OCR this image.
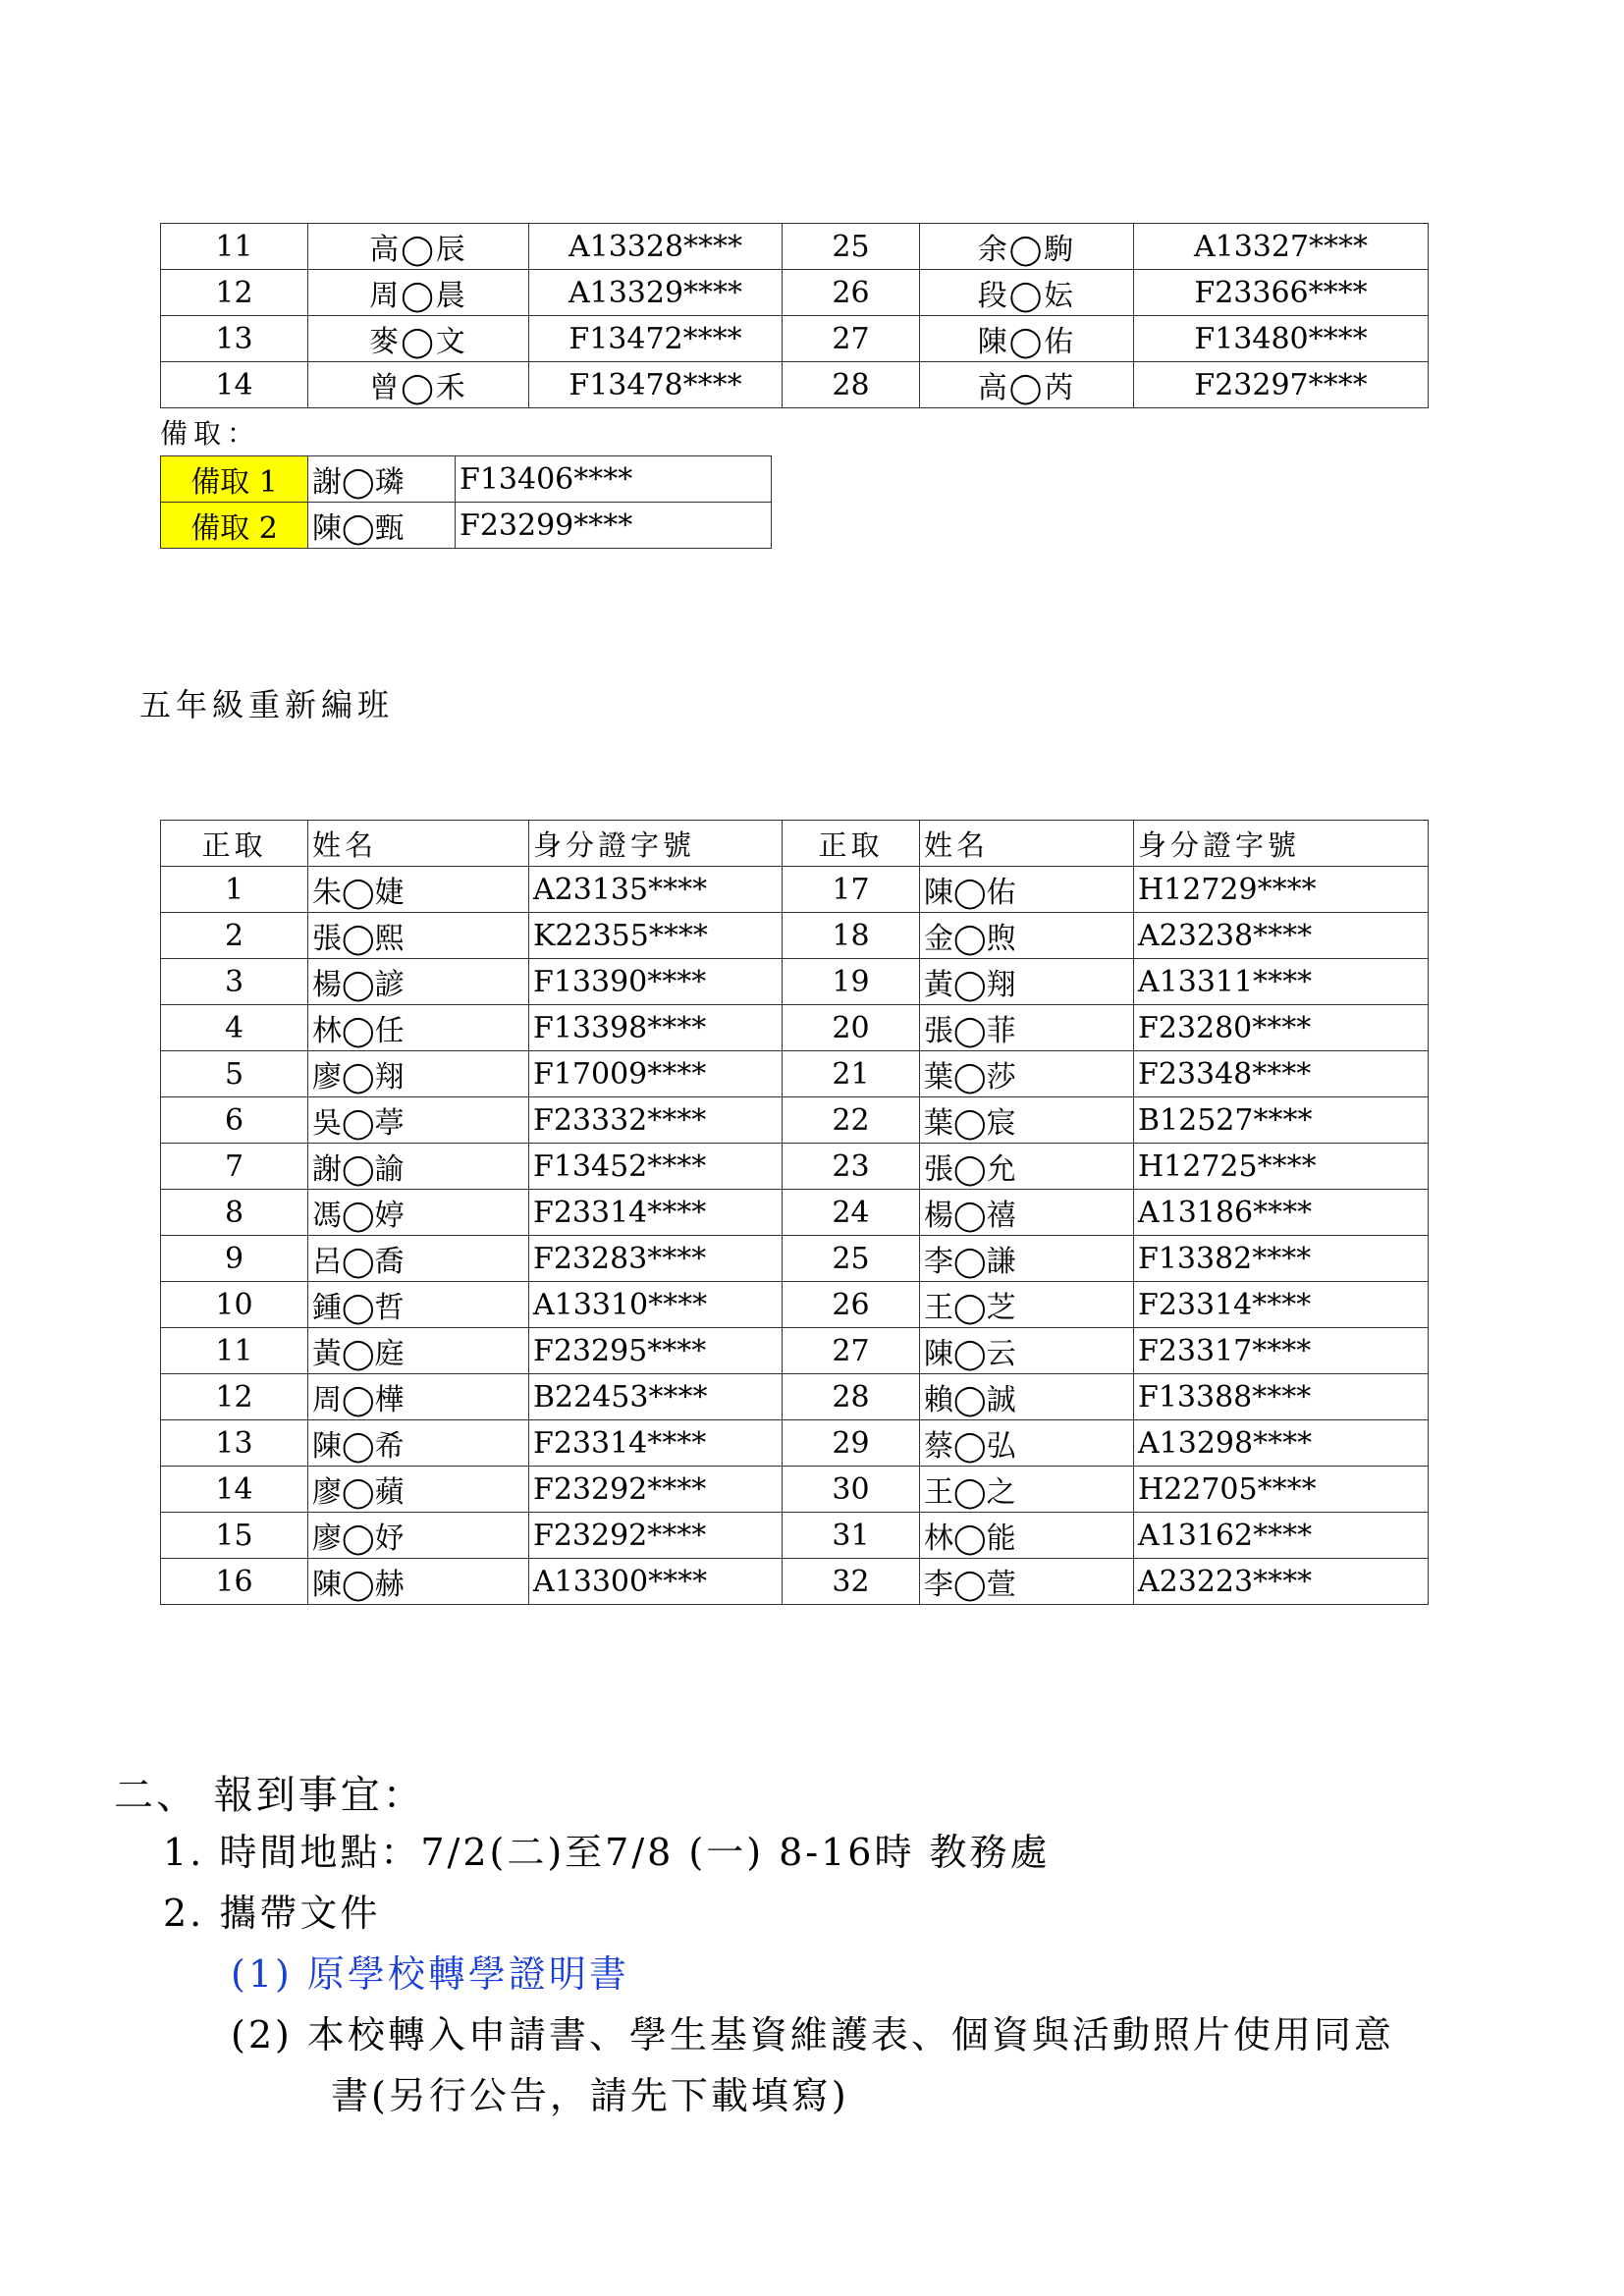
11	高◯辰	A13328****	25	余◯駒	A13327****
12	周◯晨	A13329****	26	段◯妘	F23366****
13	麥◯文	F13472****	27	陳◯佑	F13480****
14	曾◯禾	F13478****	28	高◯芮	F23297****
備取：
備取 1	謝◯璘	F13406****
備取 2	陳◯甄	F23299****
五年級重新編班
正取	姓名	身分證字號	正取	姓名	身分證字號
1	朱◯婕	A23135****	17	陳◯佑	H12729****
2	張◯熙	K22355****	18	金◯煦	A23238****
3	楊◯諺	F13390****	19	黃◯翔	A13311****
4	林◯任	F13398****	20	張◯菲	F23280****
5	廖◯翔	F17009****	21	葉◯莎	F23348****
6	吳◯葶	F23332****	22	葉◯宸	B12527****
7	謝◯諭	F13452****	23	張◯允	H12725****
8	馮◯婷	F23314****	24	楊◯禧	A13186****
9	呂◯喬	F23283****	25	李◯謙	F13382****
10	鍾◯哲	A13310****	26	王◯芝	F23314****
11	黃◯庭	F23295****	27	陳◯云	F23317****
12	周◯樺	B22453****	28	賴◯誠	F13388****
13	陳◯希	F23314****	29	蔡◯弘	A13298****
14	廖◯蘋	F23292****	30	王◯之	H22705****
15	廖◯妤	F23292****	31	林◯能	A13162****
16	陳◯赫	A13300****	32	李◯萱	A23223****
二、 報到事宜：
1. 時間地點：7/2(二)至7/8 (一) 8-16時 教務處
2. 攜帶文件
(1) 原學校轉學證明書
(2) 本校轉入申請書、學生基資維護表、個資與活動照片使用同意
書(另行公告，請先下載填寫)
